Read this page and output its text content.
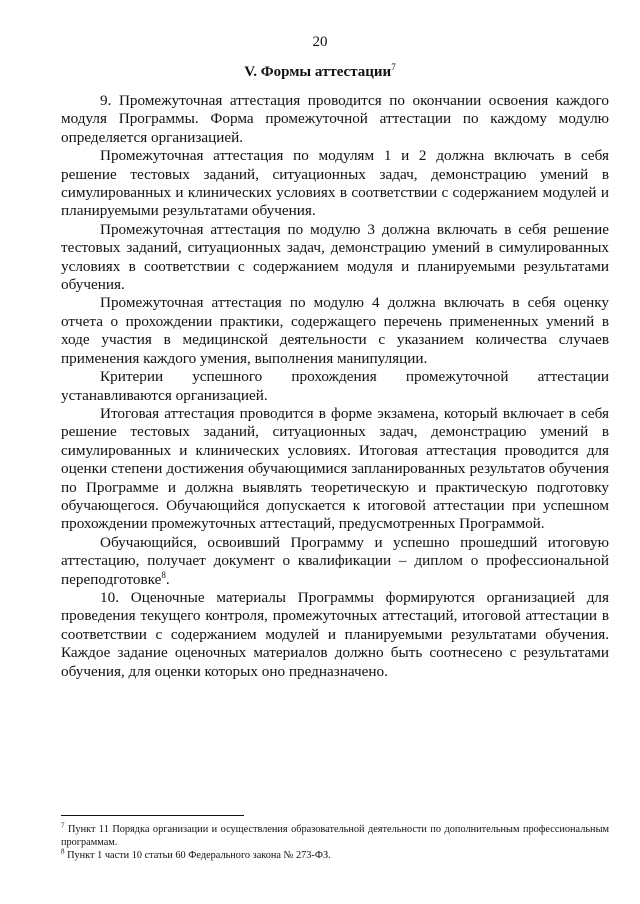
20
V. Формы аттестации$^7$

9. Промежуточная аттестация проводится по окончании освоения каждого модуля Программы. Форма промежуточной аттестации по каждому модулю определяется организацией.

Промежуточная аттестация по модулям 1 и 2 должна включать в себя решение тестовых заданий, ситуационных задач, демонстрацию умений в симулированных и клинических условиях в соответствии с содержанием модулей и планируемыми результатами обучения.

Промежуточная аттестация по модулю 3 должна включать в себя решение тестовых заданий, ситуационных задач, демонстрацию умений в симулированных условиях в соответствии с содержанием модуля и планируемыми результатами обучения.

Промежуточная аттестация по модулю 4 должна включать в себя оценку отчета о прохождении практики, содержащего перечень примененных умений в ходе участия в медицинской деятельности с указанием количества случаев применения каждого умения, выполнения манипуляции.

Критерии успешного прохождения промежуточной аттестации устанавливаются организацией.

Итоговая аттестация проводится в форме экзамена, который включает в себя решение тестовых заданий, ситуационных задач, демонстрацию умений в симулированных и клинических условиях. Итоговая аттестация проводится для оценки степени достижения обучающимися запланированных результатов обучения по Программе и должна выявлять теоретическую и практическую подготовку обучающегося. Обучающийся допускается к итоговой аттестации при успешном прохождении промежуточных аттестаций, предусмотренных Программой.

Обучающийся, освоивший Программу и успешно прошедший итоговую аттестацию, получает документ о квалификации – диплом о профессиональной переподготовке$^8$.

10. Оценочные материалы Программы формируются организацией для проведения текущего контроля, промежуточных аттестаций, итоговой аттестации в соответствии с содержанием модулей и планируемыми результатами обучения. Каждое задание оценочных материалов должно быть соотнесено с результатами обучения, для оценки которых оно предназначено.

$^7$ Пункт 11 Порядка организации и осуществления образовательной деятельности по дополнительным профессиональным программам.

$^8$ Пункт 1 части 10 статьи 60 Федерального закона № 273-ФЗ.
